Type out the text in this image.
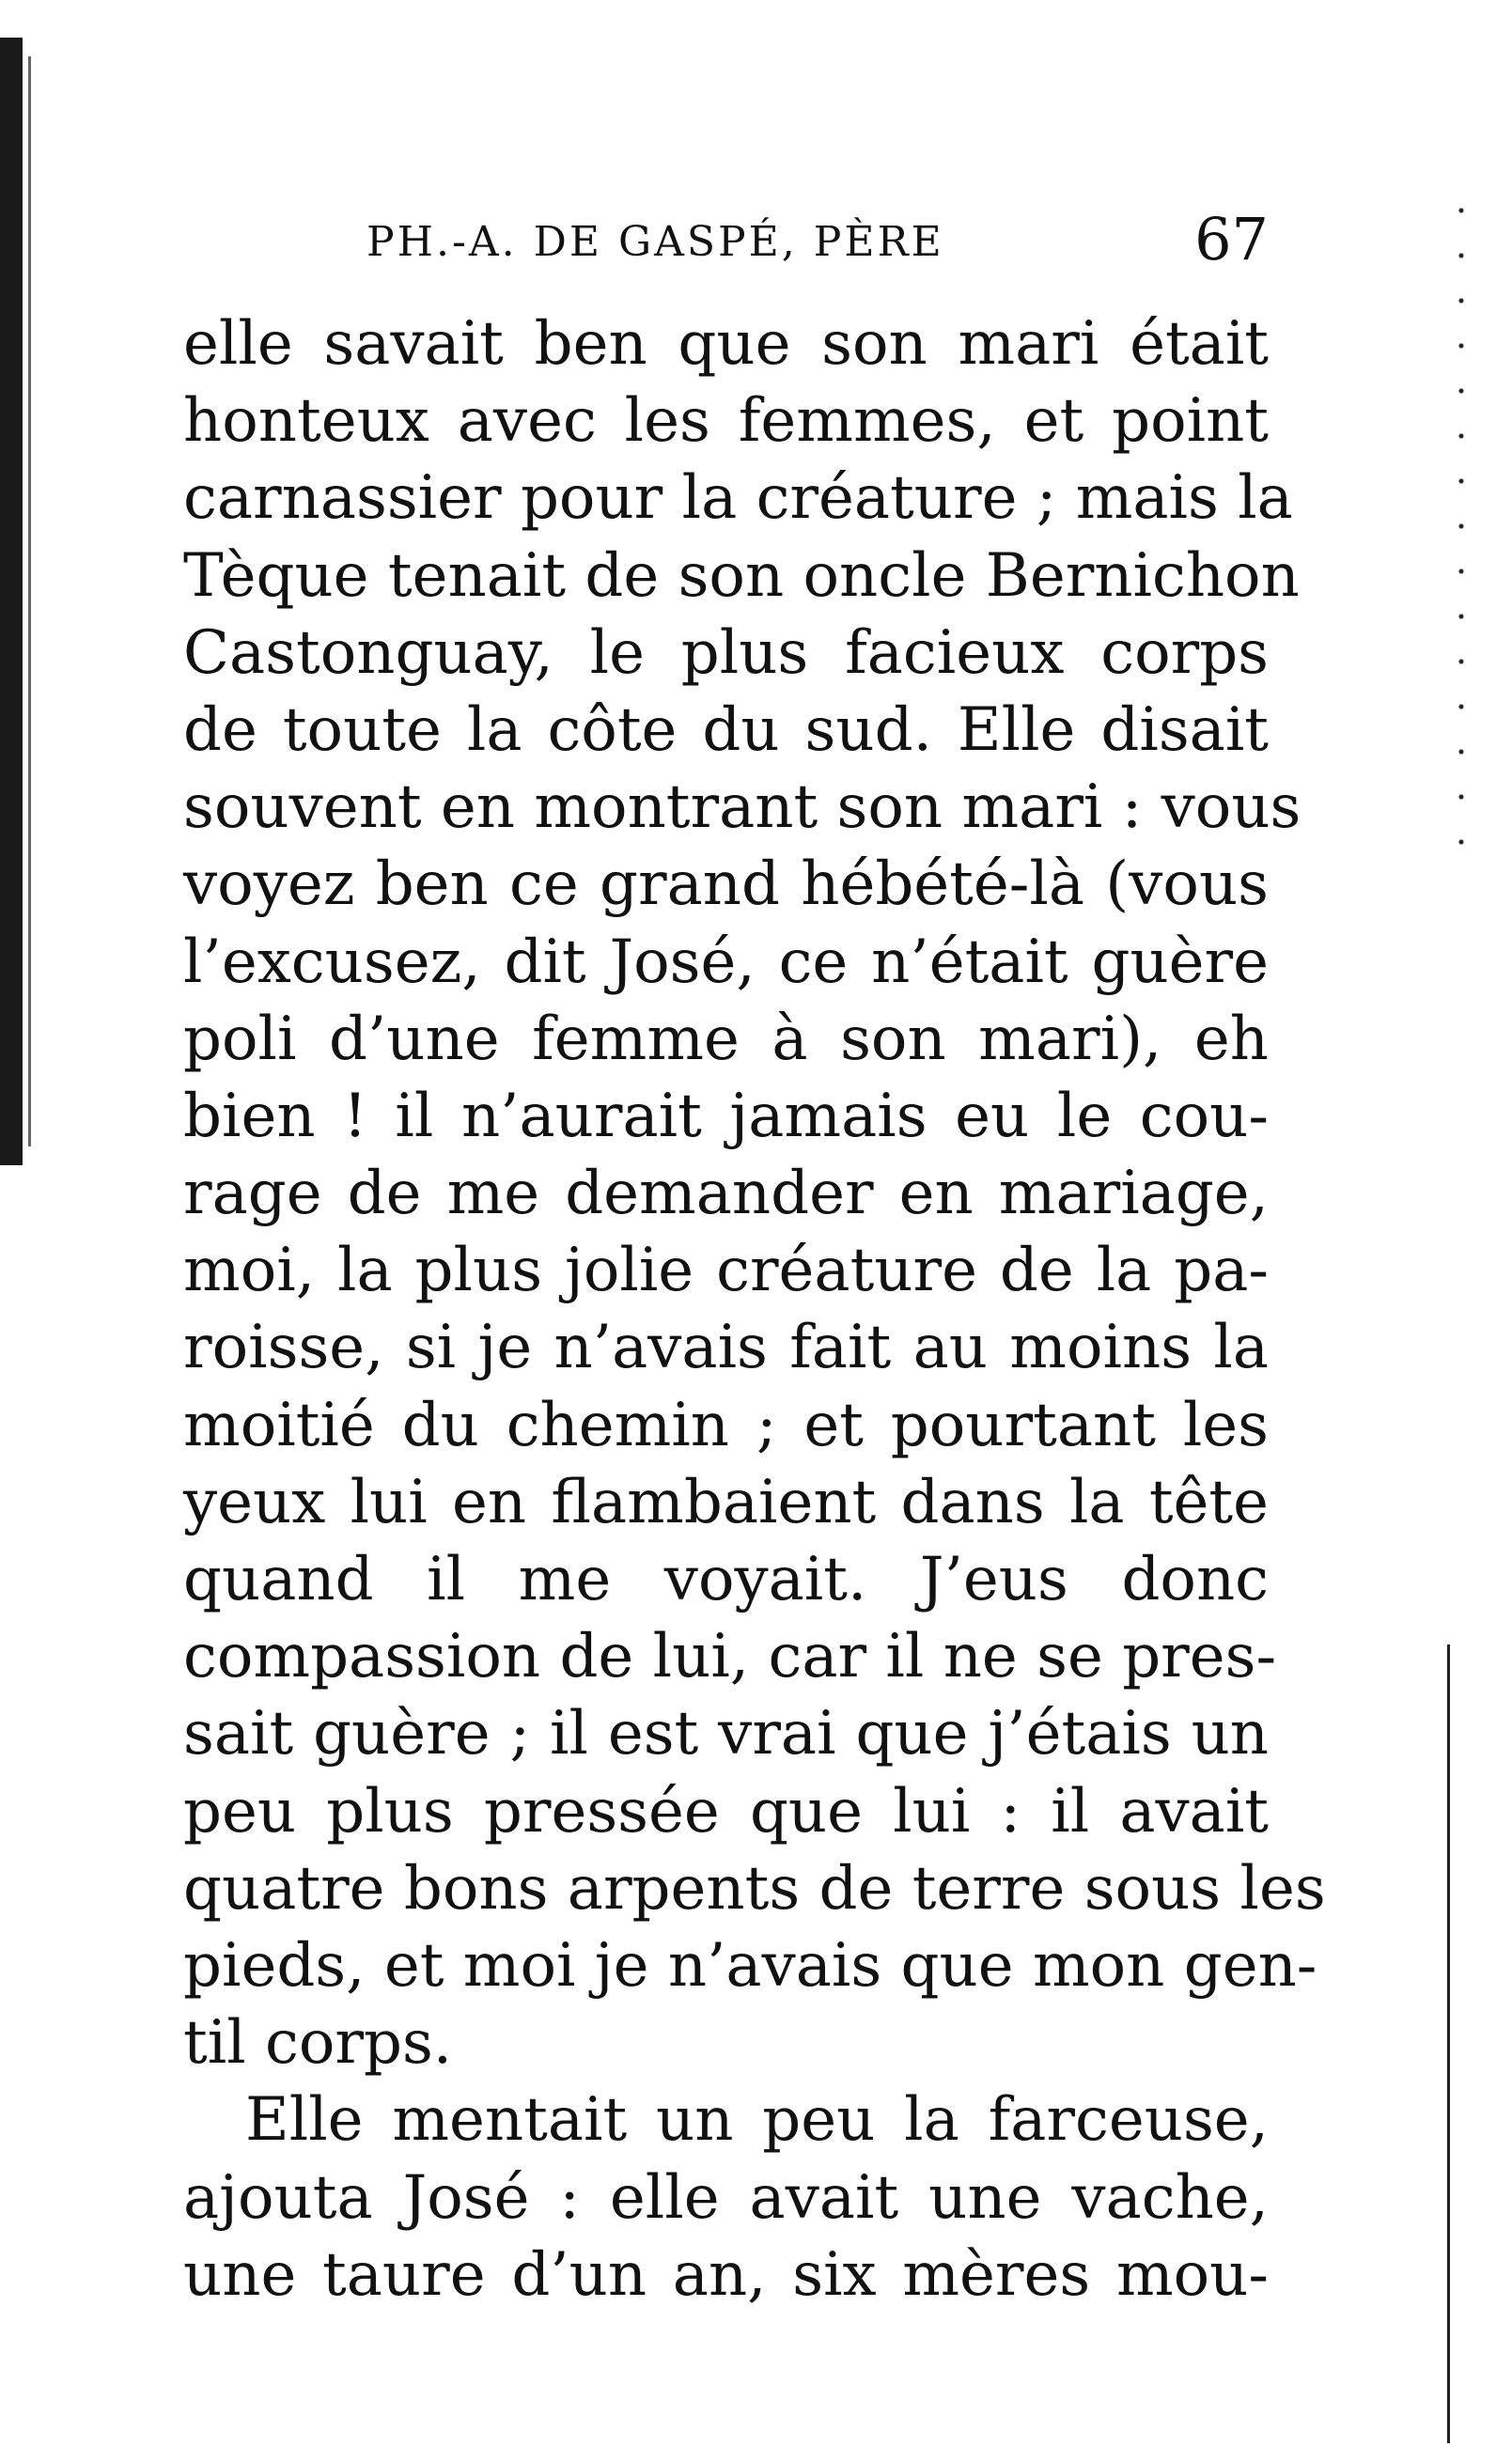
PH.-A. DE GASPÉ, PÈRE	67
elle savait ben que son mari était
honteux avec les femmes, et point
carnassier pour la créature ; mais la
Tèque tenait de son oncle Bernichon
Castonguay, le plus facieux corps
de toute la côte du sud. Elle disait
souvent en montrant son mari : vous
voyez ben ce grand hébété-là (vous
l’excusez, dit José, ce n’était guère
poli d’une femme à son mari), eh
bien ! il n’aurait jamais eu le cou-
rage de me demander en mariage,
moi, la plus jolie créature de la pa-
roisse, si je n’avais fait au moins la
moitié du chemin ; et pourtant les
yeux lui en flambaient dans la tête
quand il me voyait. J’eus donc
compassion de lui, car il ne se pres-
sait guère ; il est vrai que j’étais un
peu plus pressée que lui : il avait
quatre bons arpents de terre sous les
pieds, et moi je n’avais que mon gen-
til corps.
Elle mentait un peu la farceuse,
ajouta José : elle avait une vache,
une taure d’un an, six mères mou-
